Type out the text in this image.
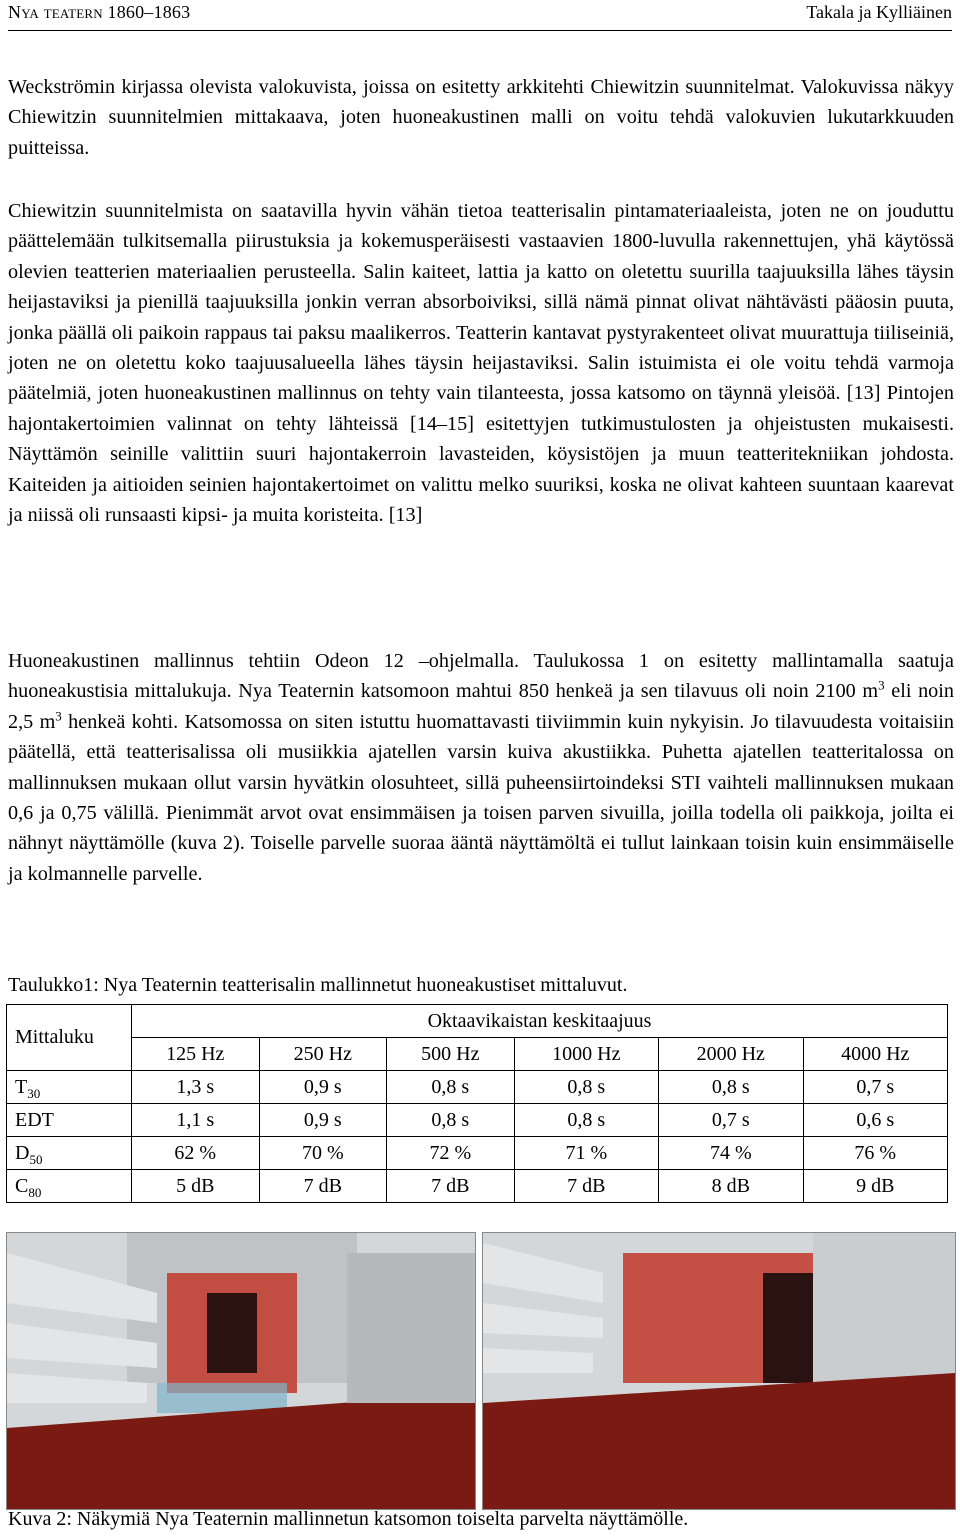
Nya teatern 1860–1863	Takala ja Kylliäinen

Weckströmin kirjassa olevista valokuvista, joissa on esitetty arkkitehti Chiewitzin suunnitelmat. Valokuvissa näkyy Chiewitzin suunnitelmien mittakaava, joten huoneakustinen malli on voitu tehdä valokuvien lukutarkkuuden puitteissa.

Chiewitzin suunnitelmista on saatavilla hyvin vähän tietoa teatterisalin pintamateriaaleista, joten ne on jouduttu päättelemään tulkitsemalla piirustuksia ja kokemusperäisesti vastaavien 1800-luvulla rakennettujen, yhä käytössä olevien teatterien materiaalien perusteella. Salin kaiteet, lattia ja katto on oletettu suurilla taajuuksilla lähes täysin heijastaviksi ja pienillä taajuuksilla jonkin verran absorboiviksi, sillä nämä pinnat olivat nähtävästi pääosin puuta, jonka päällä oli paikoin rappaus tai paksu maalikerros. Teatterin kantavat pystyrakenteet olivat muurattuja tiiliseiniä, joten ne on oletettu koko taajuusalueella lähes täysin heijastaviksi. Salin istuimista ei ole voitu tehdä varmoja päätelmiä, joten huoneakustinen mallinnus on tehty vain tilanteesta, jossa katsomo on täynnä yleisöä. [13] Pintojen hajontakertoimien valinnat on tehty lähteissä [14–15] esitettyjen tutkimustulosten ja ohjeistusten mukaisesti. Näyttämön seinille valittiin suuri hajontakerroin lavasteiden, köysistöjen ja muun teatteritekniikan johdosta. Kaiteiden ja aitioiden seinien hajontakertoimet on valittu melko suuriksi, koska ne olivat kahteen suuntaan kaarevat ja niissä oli runsaasti kipsi- ja muita koristeita. [13]

Huoneakustinen mallinnus tehtiin Odeon 12 –ohjelmalla. Taulukossa 1 on esitetty mallintamalla saatuja huoneakustisia mittalukuja. Nya Teaternin katsomoon mahtui 850 henkeä ja sen tilavuus oli noin 2100 $m^3$ eli noin 2,5 $m^3$ henkeä kohti. Katsomossa on siten istuttu huomattavasti tiiviimmin kuin nykyisin. Jo tilavuudesta voitaisiin päätellä, että teatterisalissa oli musiikkia ajatellen varsin kuiva akustiikka. Puhetta ajatellen teatteritalossa on mallinnuksen mukaan ollut varsin hyvätkin olosuhteet, sillä puheensiirtoindeksi STI vaihteli mallinnuksen mukaan 0,6 ja 0,75 välillä. Pienimmät arvot ovat ensimmäisen ja toisen parven sivuilla, joilla todella oli paikkoja, joilta ei nähnyt näyttämölle (kuva 2). Toiselle parvelle suoraa ääntä näyttämöltä ei tullut lainkaan toisin kuin ensimmäiselle ja kolmannelle parvelle.

Taulukko1: Nya Teaternin teatterisalin mallinnetut huoneakustiset mittaluvut.
Mittaluku	Oktaavikaistan keskitaajuus					
	125 Hz	250 Hz	500 Hz	1000 Hz	2000 Hz	4000 Hz
$T_{30}$	1,3 s	0,9 s	0,8 s	0,8 s	0,8 s	0,7 s
EDT	1,1 s	0,9 s	0,8 s	0,8 s	0,7 s	0,6 s
$D_{50}$	62 %	70 %	72 %	71 %	74 %	76 %
$C_{80}$	5 dB	7 dB	7 dB	7 dB	8 dB	9 dB
Kuva 2: Näkymiä Nya Teaternin mallinnetun katsomon toiselta parvelta näyttämölle.
